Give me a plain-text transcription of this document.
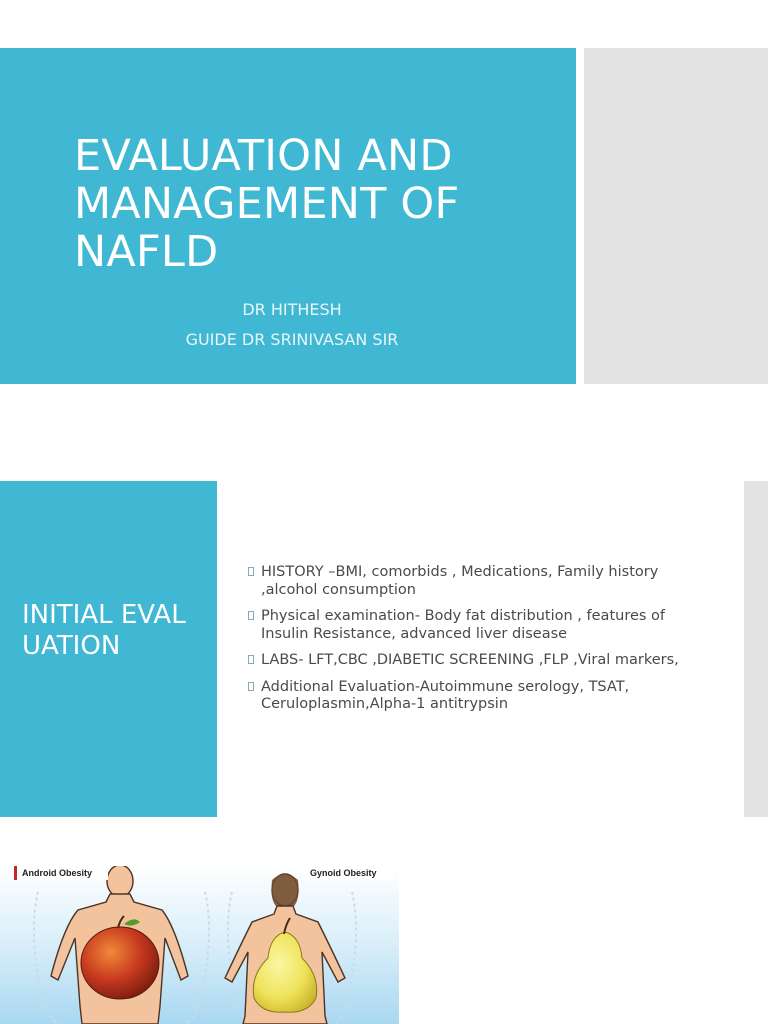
EVALUATION AND MANAGEMENT OF NAFLD
DR HITHESH
GUIDE DR SRINIVASAN SIR
INITIAL EVALUATION
HISTORY –BMI, comorbids , Medications, Family history ,alcohol consumption
Physical examination- Body fat distribution , features of Insulin Resistance, advanced liver disease
LABS- LFT,CBC ,DIABETIC SCREENING ,FLP ,Viral markers,
Additional Evaluation-Autoimmune serology, TSAT, Ceruloplasmin,Alpha-1 antitrypsin
Android Obesity	Gynoid Obesity
